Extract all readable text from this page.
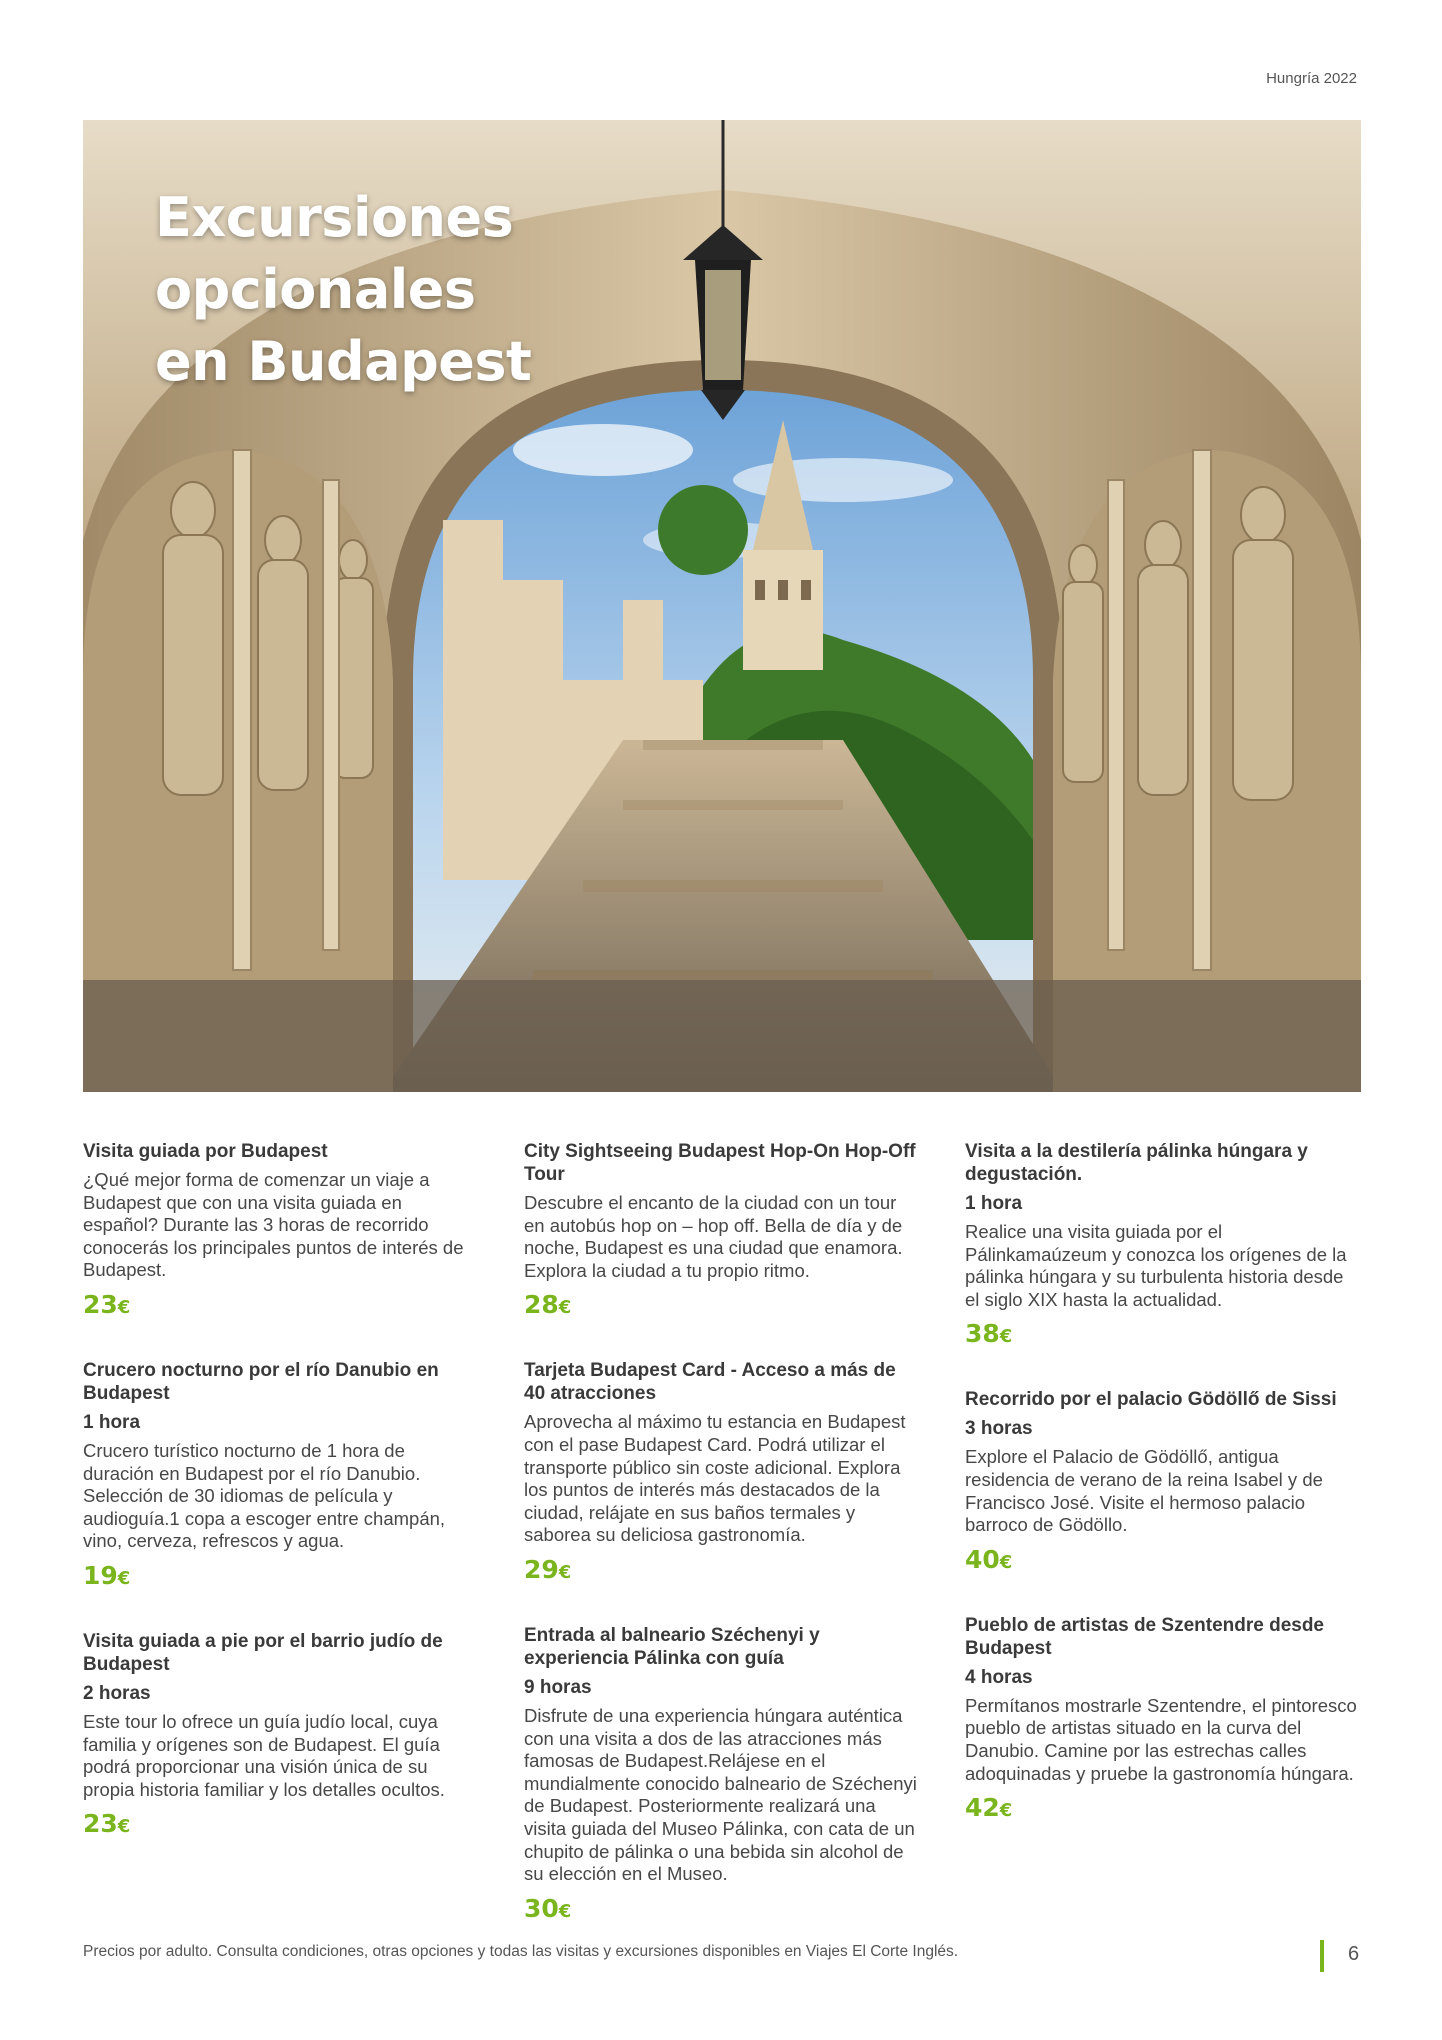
Hungría 2022
Excursiones
opcionales
en Budapest

Visita guiada por Budapest

¿Qué mejor forma de comenzar un viaje a Budapest que con una visita guiada en español? Durante las 3 horas de recorrido conocerás los principales puntos de interés de Budapest.

23€

Crucero nocturno por el río Danubio en Budapest

1 hora

Crucero turístico nocturno de 1 hora de duración en Budapest por el río Danubio. Selección de 30 idiomas de película y audioguía.1 copa a escoger entre champán, vino, cerveza, refrescos y agua.

19€

Visita guiada a pie por el barrio judío de Budapest

2 horas

Este tour lo ofrece un guía judío local, cuya familia y orígenes son de Budapest. El guía podrá proporcionar una visión única de su propia historia familiar y los detalles ocultos.

23€

City Sightseeing Budapest Hop-On Hop-Off Tour

Descubre el encanto de la ciudad con un tour en autobús hop on – hop off. Bella de día y de noche, Budapest es una ciudad que enamora. Explora la ciudad a tu propio ritmo.

28€

Tarjeta Budapest Card - Acceso a más de 40 atracciones

Aprovecha al máximo tu estancia en Budapest con el pase Budapest Card. Podrá utilizar el transporte público sin coste adicional. Explora los puntos de interés más destacados de la ciudad, relájate en sus baños termales y saborea su deliciosa gastronomía.

29€

Entrada al balneario Széchenyi y experiencia Pálinka con guía

9 horas

Disfrute de una experiencia húngara auténtica con una visita a dos de las atracciones más famosas de Budapest.Relájese en el mundialmente conocido balneario de Széchenyi de Budapest. Posteriormente realizará una visita guiada del Museo Pálinka, con cata de un chupito de pálinka o una bebida sin alcohol de su elección en el Museo.

30€

Visita a la destilería pálinka húngara y degustación.

1 hora

Realice una visita guiada por el Pálinkamaúzeum y conozca los orígenes de la pálinka húngara y su turbulenta historia desde el siglo XIX hasta la actualidad.

38€

Recorrido por el palacio Gödöllő de Sissi

3 horas

Explore el Palacio de Gödöllő, antigua residencia de verano de la reina Isabel y de Francisco José. Visite el hermoso palacio barroco de Gödöllo.

40€

Pueblo de artistas de Szentendre desde Budapest

4 horas

Permítanos mostrarle Szentendre, el pintoresco pueblo de artistas situado en la curva del Danubio. Camine por las estrechas calles adoquinadas y pruebe la gastronomía húngara.

42€
Precios por adulto. Consulta condiciones, otras opciones y todas las visitas y excursiones disponibles en Viajes El Corte Inglés.	6
